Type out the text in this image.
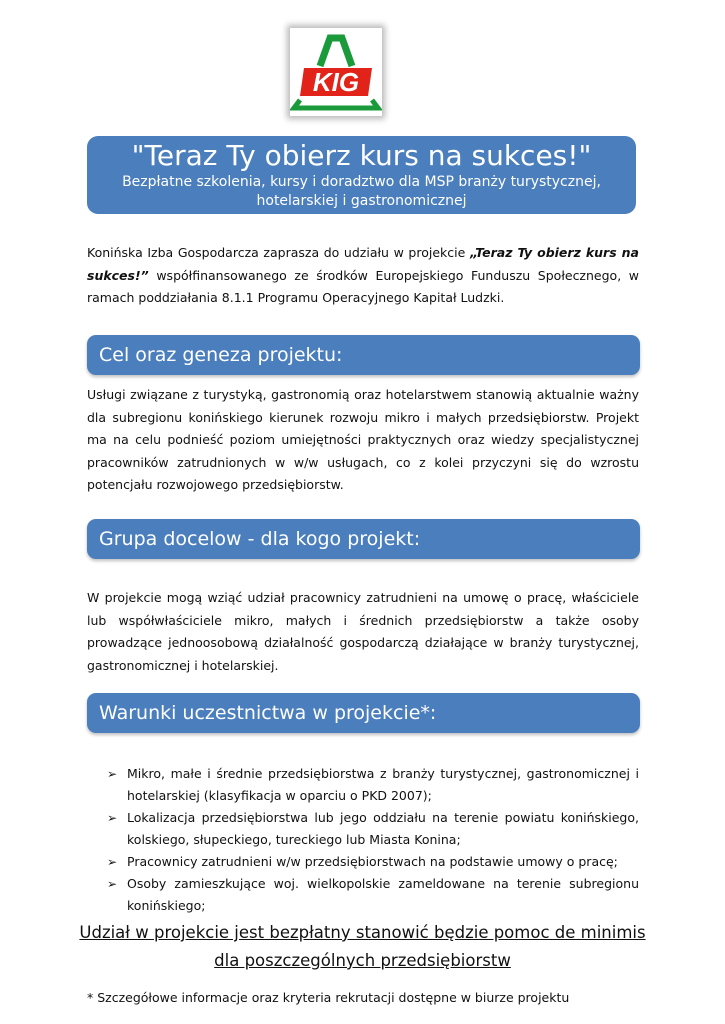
KIG
"Teraz Ty obierz kurs na sukces!"
Bezpłatne szkolenia, kursy i doradztwo dla MSP branży turystycznej, hotelarskiej i gastronomicznej

Konińska Izba Gospodarcza zaprasza do udziału w projekcie „Teraz Ty obierz kurs na sukces!” współfinansowanego ze środków Europejskiego Funduszu Społecznego, w ramach poddziałania 8.1.1 Programu Operacyjnego Kapitał Ludzki.

Cel oraz geneza projektu:

Usługi związane z turystyką, gastronomią oraz hotelarstwem stanowią aktualnie ważny dla subregionu konińskiego kierunek rozwoju mikro i małych przedsiębiorstw. Projekt ma na celu podnieść poziom umiejętności praktycznych oraz wiedzy specjalistycznej pracowników zatrudnionych w w/w usługach, co z kolei przyczyni się do wzrostu potencjału rozwojowego przedsiębiorstw.

Grupa docelow - dla kogo projekt:

W projekcie mogą wziąć udział pracownicy zatrudnieni na umowę o pracę, właściciele lub współwłaściciele mikro, małych i średnich przedsiębiorstw a także osoby prowadzące jednoosobową działalność gospodarczą działające w branży turystycznej, gastronomicznej i hotelarskiej.

Warunki uczestnictwa w projekcie*:
➢ Mikro, małe i średnie przedsiębiorstwa z branży turystycznej, gastronomicznej i hotelarskiej (klasyfikacja w oparciu o PKD 2007);
➢ Lokalizacja przedsiębiorstwa lub jego oddziału na terenie powiatu konińskiego, kolskiego, słupeckiego, tureckiego lub Miasta Konina;
➢ Pracownicy zatrudnieni w/w przedsiębiorstwach na podstawie umowy o pracę;
➢ Osoby zamieszkujące woj. wielkopolskie zameldowane na terenie subregionu konińskiego;
Udział w projekcie jest bezpłatny stanowić będzie pomoc de minimis
dla poszczególnych przedsiębiorstw
* Szczegółowe informacje oraz kryteria rekrutacji dostępne w biurze projektu
